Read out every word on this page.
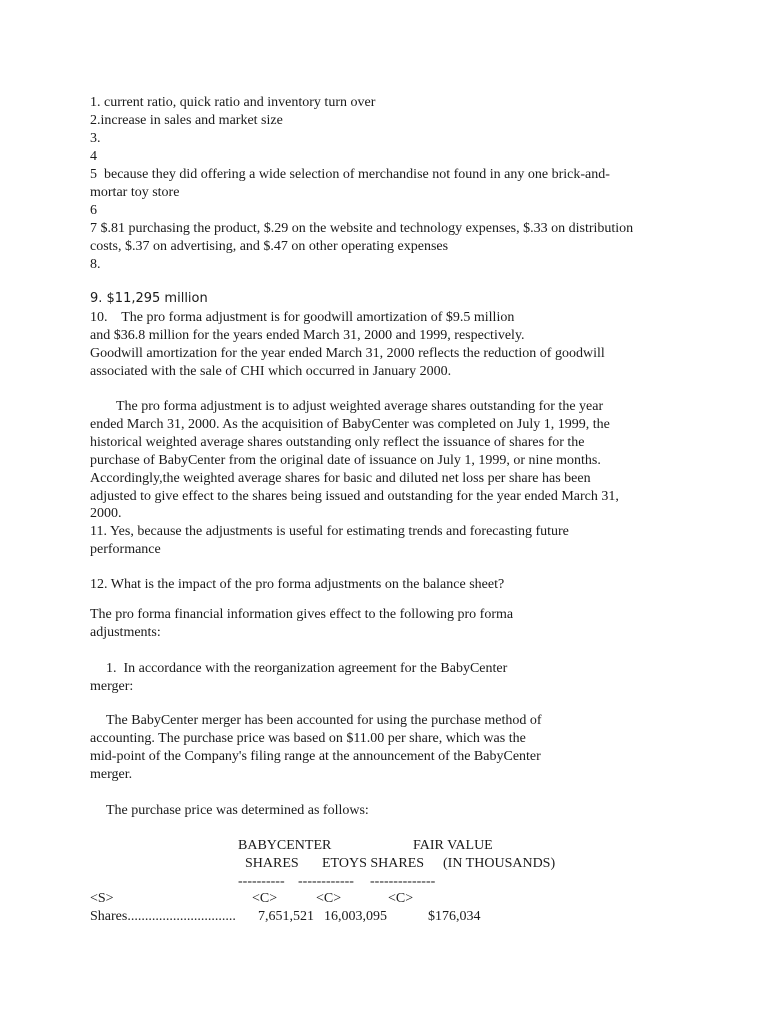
1. current ratio, quick ratio and inventory turn over
2.increase in sales and market size
3.
4
5  because they did offering a wide selection of merchandise not found in any one brick-and-
mortar toy store
6
7 $.81 purchasing the product, $.29 on the website and technology expenses, $.33 on distribution
costs, $.37 on advertising, and $.47 on other operating expenses
8.
9. $11,295 million
10.    The pro forma adjustment is for goodwill amortization of $9.5 million
and $36.8 million for the years ended March 31, 2000 and 1999, respectively.
Goodwill amortization for the year ended March 31, 2000 reflects the reduction of goodwill
associated with the sale of CHI which occurred in January 2000.
The pro forma adjustment is to adjust weighted average shares outstanding for the year
ended March 31, 2000. As the acquisition of BabyCenter was completed on July 1, 1999, the
historical weighted average shares outstanding only reflect the issuance of shares for the
purchase of BabyCenter from the original date of issuance on July 1, 1999, or nine months.
Accordingly,the weighted average shares for basic and diluted net loss per share has been
adjusted to give effect to the shares being issued and outstanding for the year ended March 31,
2000.
11. Yes, because the adjustments is useful for estimating trends and forecasting future
performance
12. What is the impact of the pro forma adjustments on the balance sheet?
The pro forma financial information gives effect to the following pro forma
adjustments:
1.  In accordance with the reorganization agreement for the BabyCenter
merger:
The BabyCenter merger has been accounted for using the purchase method of
accounting. The purchase price was based on $11.00 per share, which was the
mid-point of the Company's filing range at the announcement of the BabyCenter
merger.
The purchase price was determined as follows:
BABYCENTER	FAIR VALUE
SHARES ETOYS SHARES (IN THOUSANDS)
---------- ------------ --------------
<S>	<C>	<C>	<C>
Shares............................... 7,651,521 16,003,095	$176,034
